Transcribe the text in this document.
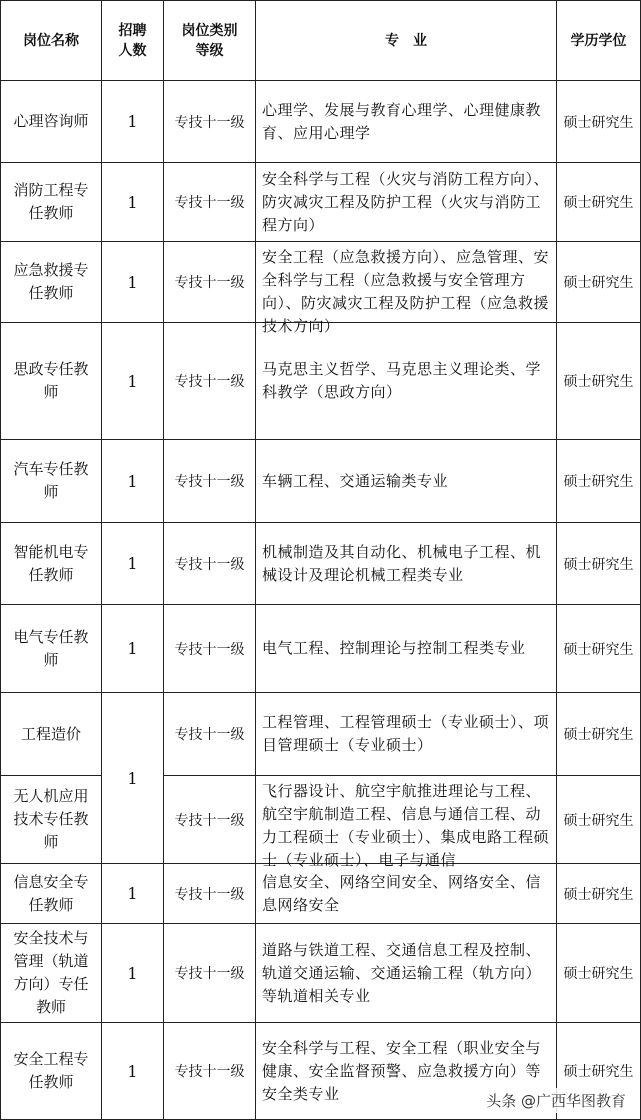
岗位名称	招聘人数	岗位类别等级	专　业	学历学位
心理咨询师	1	专技十一级	心理学、发展与教育心理学、心理健康教育、应用心理学	硕士研究生
消防工程专任教师	1	专技十一级	安全科学与工程（火灾与消防工程方向）、防灾减灾工程及防护工程（火灾与消防工程方向）	硕士研究生
应急救援专任教师	1	专技十一级	安全工程（应急救援方向）、应急管理、安全科学与工程（应急救援与安全管理方向）、防灾减灾工程及防护工程（应急救援技术方向）	硕士研究生
思政专任教师	1	专技十一级	马克思主义哲学、马克思主义理论类、学科教学（思政方向）	硕士研究生
汽车专任教师	1	专技十一级	车辆工程、交通运输类专业	硕士研究生
智能机电专任教师	1	专技十一级	机械制造及其自动化、机械电子工程、机械设计及理论机械工程类专业	硕士研究生
电气专任教师	1	专技十一级	电气工程、控制理论与控制工程类专业	硕士研究生
工程造价	1	专技十一级	工程管理、工程管理硕士（专业硕士）、项目管理硕士（专业硕士）	硕士研究生
无人机应用技术专任教师		专技十一级	飞行器设计、航空宇航推进理论与工程、航空宇航制造工程、信息与通信工程、动力工程硕士（专业硕士）、集成电路工程硕士（专业硕士）、电子与通信	硕士研究生
信息安全专任教师	1	专技十一级	信息安全、网络空间安全、网络安全、信息网络安全	硕士研究生
安全技术与管理（轨道方向）专任教师	1	专技十一级	道路与铁道工程、交通信息工程及控制、轨道交通运输、交通运输工程（轨方向）等轨道相关专业	硕士研究生
安全工程专任教师	1	专技十一级	安全科学与工程、安全工程（职业安全与健康、安全监督预警、应急救援方向）等安全类专业	硕士研究生
头条 @广西华图教育
